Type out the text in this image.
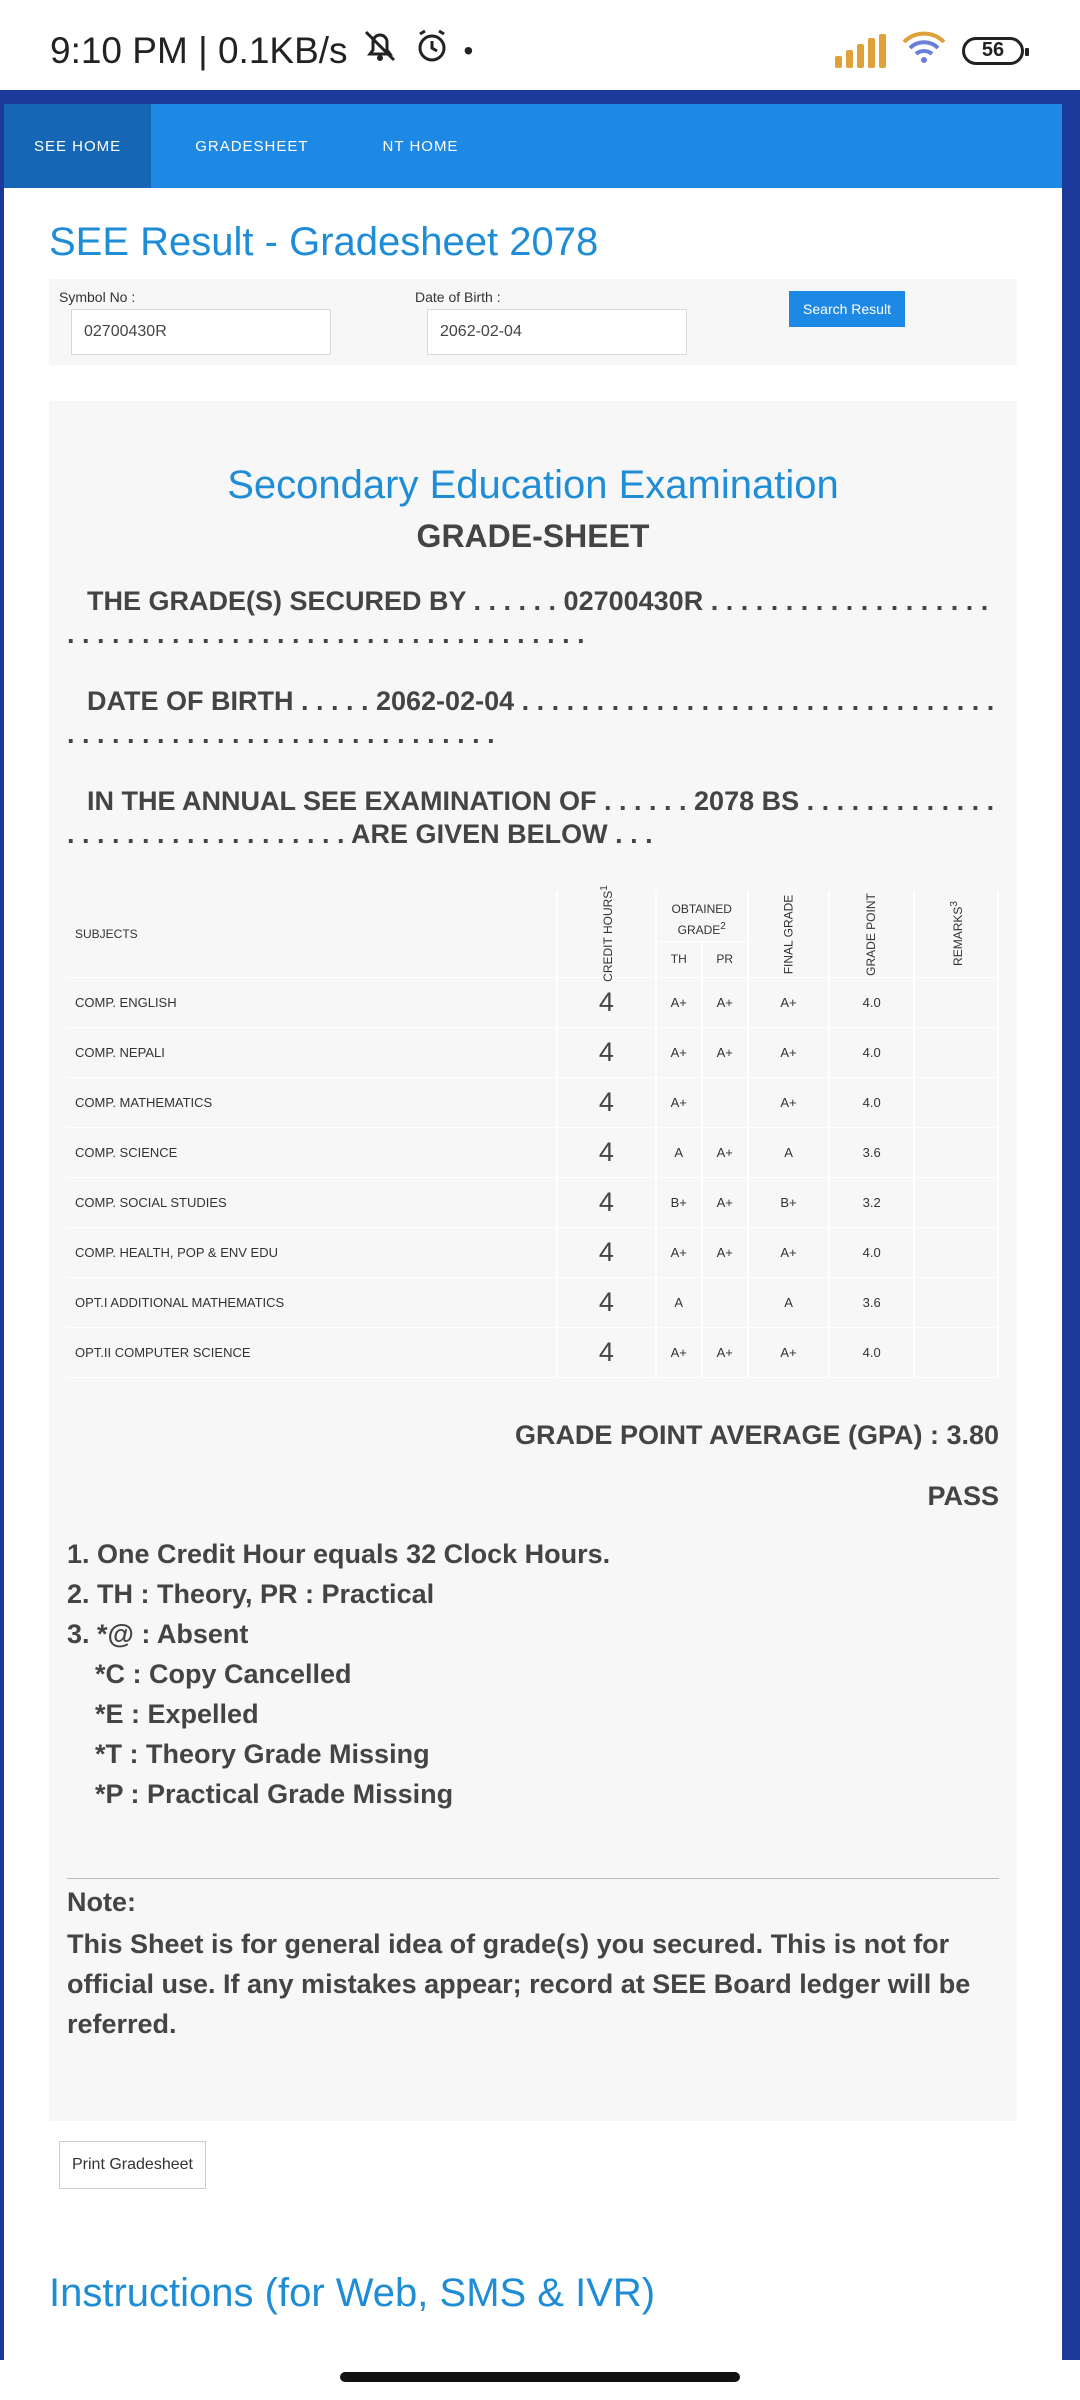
9:10 PM | 0.1KB/s	•	56
SEE HOME	GRADESHEET	NT HOME
SEE Result - Gradesheet 2078
Symbol No :
02700430R	Date of Birth :
2062-02-04
Search Result
Secondary Education Examination
GRADE-SHEET
THE GRADE(S) SECURED BY . . . . . . 02700430R . . . . . . . . . . . . . . . . . . . . . . . . . . . . . . . . . . . . . . . . . . . . . . . . . . . . . .
DATE OF BIRTH . . . . . 2062-02-04 . . . . . . . . . . . . . . . . . . . . . . . . . . . . . . . . . . . . . . . . . . . . . . . . . . . . . . . . . . . . .
IN THE ANNUAL SEE EXAMINATION OF . . . . . . 2078 BS . . . . . . . . . . . . . . . . . . . . . . . . . . . . . . . . ARE GIVEN BELOW . . .
SUBJECTS	CREDIT HOURS$^1$	OBTAINED GRADE$^2$		FINAL GRADE	GRADE POINT	REMARKS$^3$
		TH	PR			
COMP. ENGLISH	4	A+	A+	A+	4.0	
COMP. NEPALI	4	A+	A+	A+	4.0	
COMP. MATHEMATICS	4	A+		A+	4.0	
COMP. SCIENCE	4	A	A+	A	3.6	
COMP. SOCIAL STUDIES	4	B+	A+	B+	3.2	
COMP. HEALTH, POP & ENV EDU	4	A+	A+	A+	4.0	
OPT.I ADDITIONAL MATHEMATICS	4	A		A	3.6	
OPT.II COMPUTER SCIENCE	4	A+	A+	A+	4.0	
GRADE POINT AVERAGE (GPA) : 3.80
PASS
1. One Credit Hour equals 32 Clock Hours.
2. TH : Theory, PR : Practical
3. *@ : Absent
*C : Copy Cancelled
*E : Expelled
*T : Theory Grade Missing
*P : Practical Grade Missing
Note:
This Sheet is for general idea of grade(s) you secured. This is not for official use. If any mistakes appear; record at SEE Board ledger will be referred.
Print Gradesheet
Instructions (for Web, SMS & IVR)
